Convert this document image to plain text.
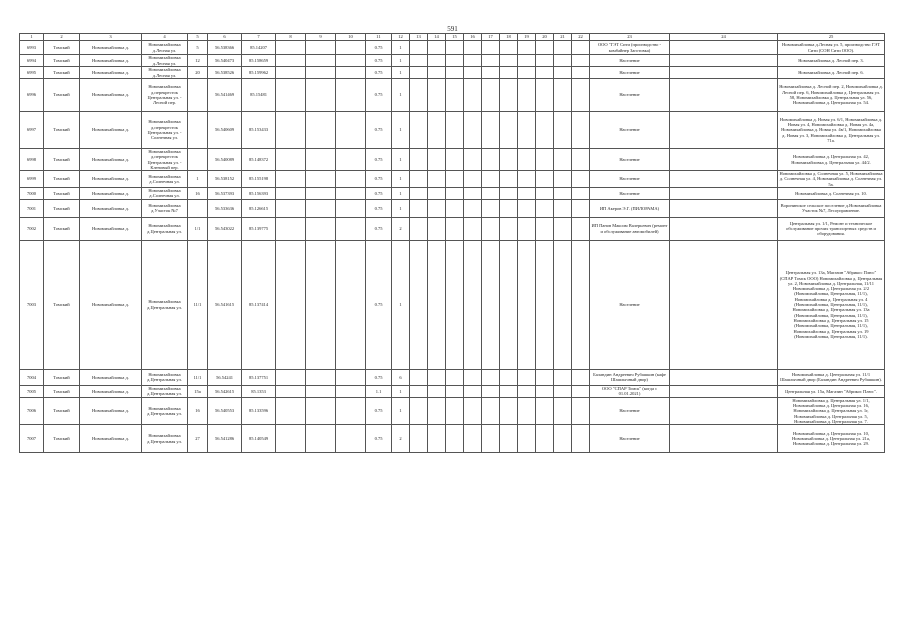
591
1	2	3	4	5	6	7	8	9	10	11	12	13	14	15	16	17	18	19	20	21	22	23	24	25
6993	Томский	Новомихайловка д.	Новомихайловка д.Лесная ул.	5	56.538366	85.14207				0.75	1											ООО "ГЭТ Сити (производство - комбайнер Заготовка)		Новомихайловка д.Лесная ул. 5, производство ГЭТ Сити (СОН Сити ООО).
6994	Томский	Новомихайловка д.	Новомихайловка д.Лесная ул.	12	56.540473	85.158659				0.75	1											Население		Новомихайловка д. Лесной пер. 3.
6995	Томский	Новомихайловка д.	Новомихайловка д.Лесная ул.	20	56.538526	85.159962				0.75	1											Население		Новомихайловка д. Лесной пер. 6.
6996	Томский	Новомихайловка д.	Новомихайловка д.перекресток Центральная ул. - Лесной пер.		56.541469	85.15481				0.75	1											Население		Новомихайловка д. Лесной пер. 2, Новомихайловка д. Лесной пер. 6, Новомихайловка д. Центральная ул. 58, Новомихайловка д. Центральная ул. 56, Новомихайловка д. Центральная ул. 54.
6997	Томский	Новомихайловка д.	Новомихайловка д.перекресток Центральная ул. - Солнечная ул.		56.540609	85.153433				0.75	1											Население		Новомихайловка д. Новая ул. 6/1, Новомихайловка д. Новая ул. 4, Новомихайловка д. Новая ул. 4а, Новомихайловка д. Новая ул. 4в/1, Новомихайловка д. Новая ул. 3, Новомихайловка д. Центральная ул. 71а.
6998	Томский	Новомихайловка д.	Новомихайловка д.перекресток Центральная ул. - Кленовый пер.		56.540089	85.148372				0.75	1											Население		Новомихайловка д. Центральная ул. 42, Новомихайловка д. Центральная ул. 44/2.
6999	Томский	Новомихайловка д.	Новомихайловка д.Солнечная ул.	1	56.538152	85.155198				0.75	1											Население		Новомихайловка д. Солнечная ул. 5, Новомихайловка д. Солнечная ул. 4, Новомихайловка д. Солнечная ул. 5а.
7000	Томский	Новомихайловка д.	Новомихайловка д.Солнечная ул.	16	56.537393	85.156393				0.75	1											Население		Новомихайловка д. Солнечная ул. 10.
7001	Томский	Новомихайловка д.	Новомихайловка д.Участок №7		56.533636	85.126615				0.75	1											ИП Акеров Э.Г. (ПИЛОРАМА)		Воронинское сельское поселение д.Новомихайловка Участок №7, Лесоуправление.
7002	Томский	Новомихайловка д.	Новомихайловка д.Центральная ул.	1/1	56.543022	85.139775				0.75	2											ИП Панов Максим Валерьевич (ремонт и обслуживание автомобилей)		Центральная ул. 1/1, Ремонт и техническое обслуживание прочих транспортных средств и оборудования.
7003	Томский	Новомихайловка д.	Новомихайловка д.Центральная ул.	11/1	56.541615	85.137414				0.75	1											Население		Центральная ул. 13а, Магазин "Абрикос Плюс" (СПАР Томск ООО) Новомихайловка д. Центральная ул. 2, Новомихайловка д. Центральная, 11/11 Новомихайловка д. Центральная ул. 2/2 (Новомихайловка, Центральная, 11/1), Новомихайловка д. Центральная ул. 4 (Новомихайловка, Центральная, 11/1), Новомихайловка д. Центральная ул. 13а (Новомихайловка, Центральная, 11/1), Новомихайловка д. Центральная ул. 15 (Новомихайловка, Центральная, 11/1), Новомихайловка д. Центральная ул. 19 (Новомихайловка, Центральная, 11/1).
7004	Томский	Новомихайловка д.	Новомихайловка д.Центральная ул.	11/1	56.54241	85.137751				0.75	6											Баландин Андреевич Рубашкин (кафе Шашлычный двор)		Новомихайловка д. Центральная ул. 11/1 Шашлычный двор (Баландин Андреевич Рубашкин).
7005	Томский	Новомихайловка д.	Новомихайловка д.Центральная ул.	15а	56.542615	85.1353				1.1	1											ООО "СПАР Томск" (когда с 01.01.2021)		Центральная ул. 15а, Магазин "Абрикос Плюс".
7006	Томский	Новомихайловка д.	Новомихайловка д.Центральная ул.	16	56.540553	85.133596				0.75	1											Население		Новомихайловка д. Центральная ул. 1/1, Новомихайловка д. Центральная ул. 16, Новомихайловка д. Центральная ул. 1г, Новомихайловка д. Центральная ул. 5, Новомихайловка д. Центральная ул. 7.
7007	Томский	Новомихайловка д.	Новомихайловка д.Центральная ул.	27	56.541286	85.140549				0.75	2											Население		Новомихайловка д. Центральная ул. 10, Новомихайловка д. Центральная ул. 21а, Новомихайловка д. Центральная ул. 29.
